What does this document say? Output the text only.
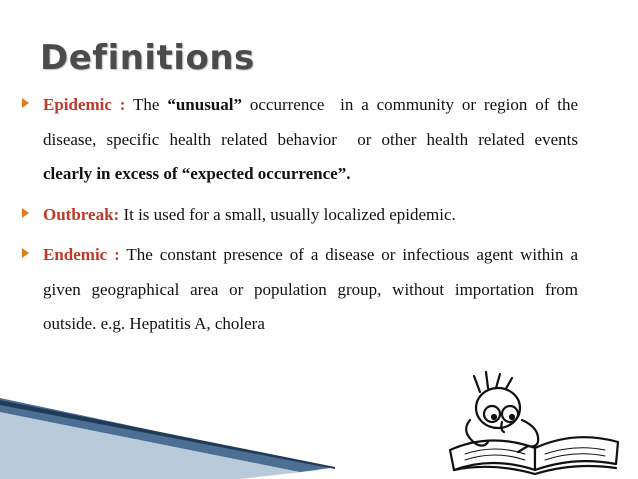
Definitions

Epidemic : The “unusual” occurrence  in a community or region of the disease, specific health related behavior  or other health related events           clearly in excess of “expected occurrence”.

Outbreak: It is used for a small, usually localized epidemic.

Endemic : The constant presence of a disease or infectious agent within a given geographical area or population group, without importation from outside. e.g. Hepatitis A, cholera
